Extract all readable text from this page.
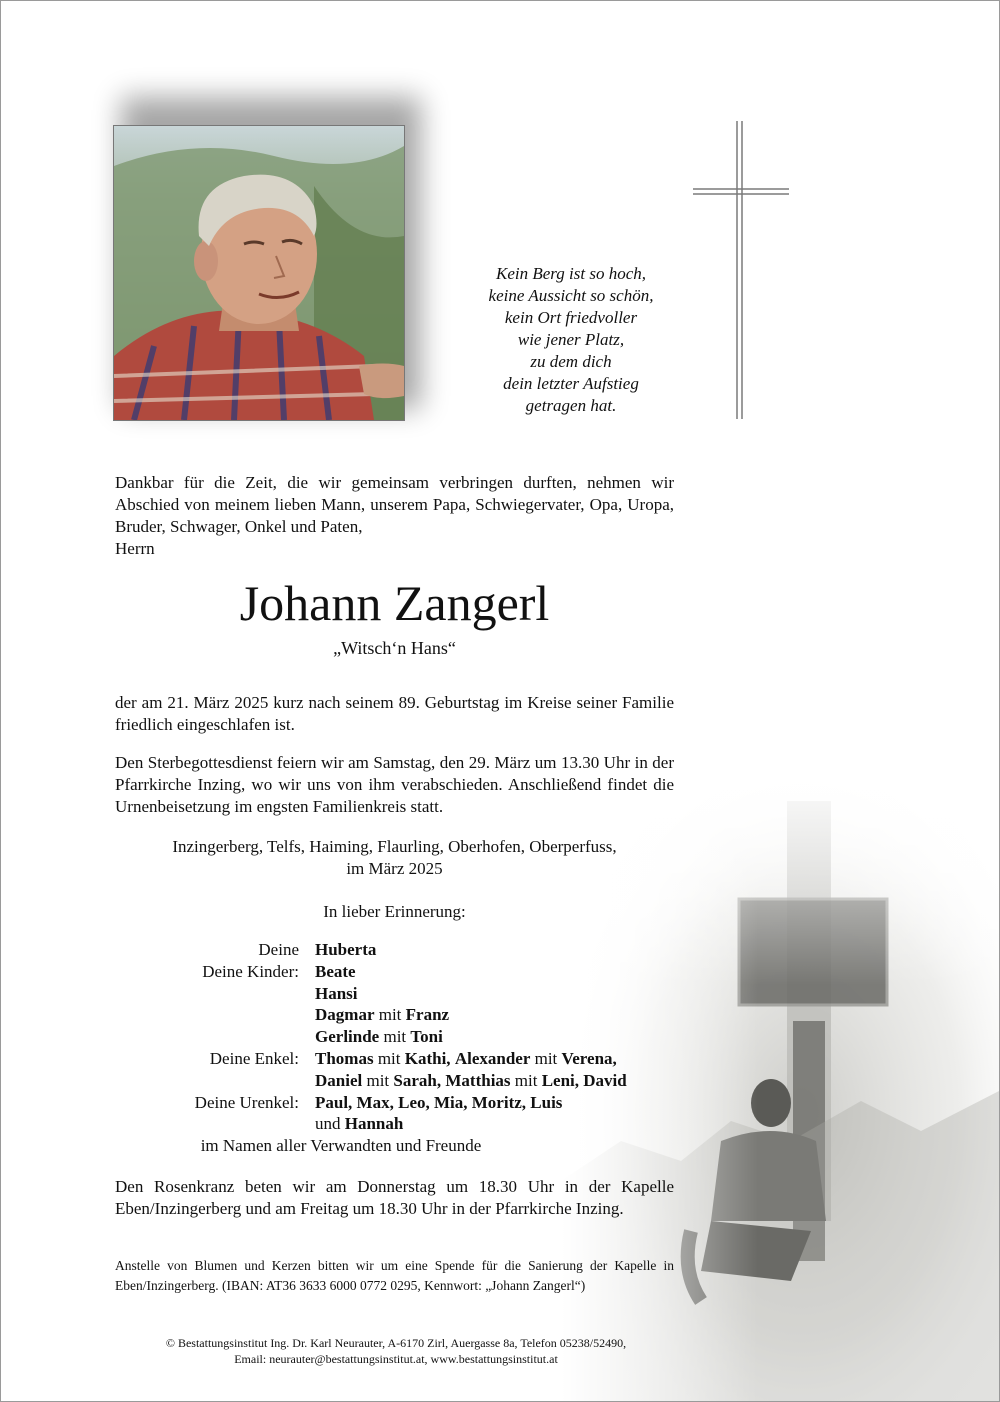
Kein Berg ist so hoch,
keine Aussicht so schön,
kein Ort friedvoller
wie jener Platz,
zu dem dich
dein letzter Aufstieg
getragen hat.
Dankbar für die Zeit, die wir gemeinsam verbringen durften, nehmen wir Abschied von meinem lieben Mann, unserem Papa, Schwiegervater, Opa, Uropa, Bruder, Schwager, Onkel und Paten,
Herrn
Johann Zangerl
„Witsch‘n Hans“
der am 21. März 2025 kurz nach seinem 89. Geburtstag im Kreise seiner Familie friedlich eingeschlafen ist.
Den Sterbegottesdienst feiern wir am Samstag, den 29. März um 13.30 Uhr in der Pfarrkirche Inzing, wo wir uns von ihm verabschieden. Anschließend findet die Urnenbeisetzung im engsten Familienkreis statt.
Inzingerberg, Telfs, Haiming, Flaurling, Oberhofen, Oberperfuss,
im März 2025
In lieber Erinnerung:
Deine Huberta
Deine Kinder: Beate
Hansi
Dagmar mit Franz
Gerlinde mit Toni
Deine Enkel: Thomas mit Kathi, Alexander mit Verena,
Daniel mit Sarah, Matthias mit Leni, David
Deine Urenkel: Paul, Max, Leo, Mia, Moritz, Luis
und Hannah
im Namen aller Verwandten und Freunde
Den Rosenkranz beten wir am Donnerstag um 18.30 Uhr in der Kapelle Eben/Inzingerberg und am Freitag um 18.30 Uhr in der Pfarrkirche Inzing.
Anstelle von Blumen und Kerzen bitten wir um eine Spende für die Sanierung der Kapelle in Eben/Inzingerberg. (IBAN: AT36 3633 6000 0772 0295, Kennwort: „Johann Zangerl“)
© Bestattungsinstitut Ing. Dr. Karl Neurauter, A-6170 Zirl, Auergasse 8a, Telefon 05238/52490,
Email: neurauter@bestattungsinstitut.at, www.bestattungsinstitut.at
